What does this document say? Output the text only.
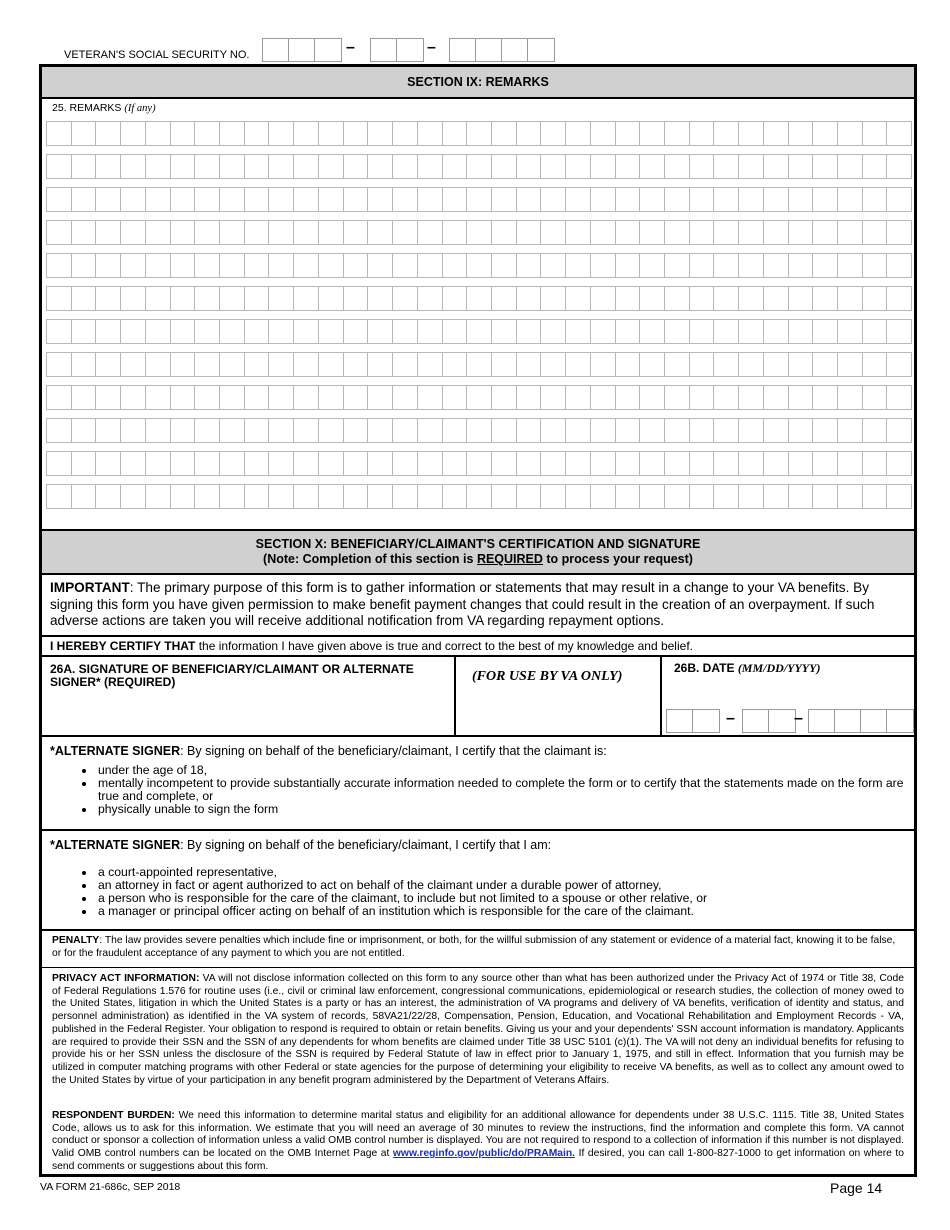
VETERAN'S SOCIAL SECURITY NO.	–	–
SECTION IX: REMARKS
25. REMARKS (If any)
SECTION X: BENEFICIARY/CLAIMANT'S CERTIFICATION AND SIGNATURE
(Note: Completion of this section is REQUIRED to process your request)
IMPORTANT: The primary purpose of this form is to gather information or statements that may result in a change to your VA benefits. By signing this form you have given permission to make benefit payment changes that could result in the creation of an overpayment. If such adverse actions are taken you will receive additional notification from VA regarding repayment options.
I HEREBY CERTIFY THAT the information I have given above is true and correct to the best of my knowledge and belief.
26A. SIGNATURE OF BENEFICIARY/CLAIMANT OR ALTERNATE SIGNER* (REQUIRED)	(FOR USE BY VA ONLY)
26B. DATE (MM/DD/YYYY)
–	–
*ALTERNATE SIGNER: By signing on behalf of the beneficiary/claimant, I certify that the claimant is:
• under the age of 18,
• mentally incompetent to provide substantially accurate information needed to complete the form or to certify that the statements made on the form are true and complete, or
• physically unable to sign the form
*ALTERNATE SIGNER: By signing on behalf of the beneficiary/claimant, I certify that I am:
• a court-appointed representative,
• an attorney in fact or agent authorized to act on behalf of the claimant under a durable power of attorney,
• a person who is responsible for the care of the claimant, to include but not limited to a spouse or other relative, or
• a manager or principal officer acting on behalf of an institution which is responsible for the care of the claimant.
PENALTY: The law provides severe penalties which include fine or imprisonment, or both, for the willful submission of any statement or evidence of a material fact, knowing it to be false, or for the fraudulent acceptance of any payment to which you are not entitled.
PRIVACY ACT INFORMATION: VA will not disclose information collected on this form to any source other than what has been authorized under the Privacy Act of 1974 or Title 38, Code of Federal Regulations 1.576 for routine uses (i.e., civil or criminal law enforcement, congressional communications, epidemiological or research studies, the collection of money owed to the United States, litigation in which the United States is a party or has an interest, the administration of VA programs and delivery of VA benefits, verification of identity and status, and personnel administration) as identified in the VA system of records, 58VA21/22/28, Compensation, Pension, Education, and Vocational Rehabilitation and Employment Records - VA, published in the Federal Register. Your obligation to respond is required to obtain or retain benefits. Giving us your and your dependents' SSN account information is mandatory. Applicants are required to provide their SSN and the SSN of any dependents for whom benefits are claimed under Title 38 USC 5101 (c)(1). The VA will not deny an individual benefits for refusing to provide his or her SSN unless the disclosure of the SSN is required by Federal Statute of law in effect prior to January 1, 1975, and still in effect. Information that you furnish may be utilized in computer matching programs with other Federal or state agencies for the purpose of determining your eligibility to receive VA benefits, as well as to collect any amount owed to the United States by virtue of your participation in any benefit program administered by the Department of Veterans Affairs.
RESPONDENT BURDEN: We need this information to determine marital status and eligibility for an additional allowance for dependents under 38 U.S.C. 1115. Title 38, United States Code, allows us to ask for this information. We estimate that you will need an average of 30 minutes to review the instructions, find the information and complete this form. VA cannot conduct or sponsor a collection of information unless a valid OMB control number is displayed. You are not required to respond to a collection of information if this number is not displayed. Valid OMB control numbers can be located on the OMB Internet Page at www.reginfo.gov/public/do/PRAMain. If desired, you can call 1-800-827-1000 to get information on where to send comments or suggestions about this form.
VA FORM 21-686c, SEP 2018	Page 14
